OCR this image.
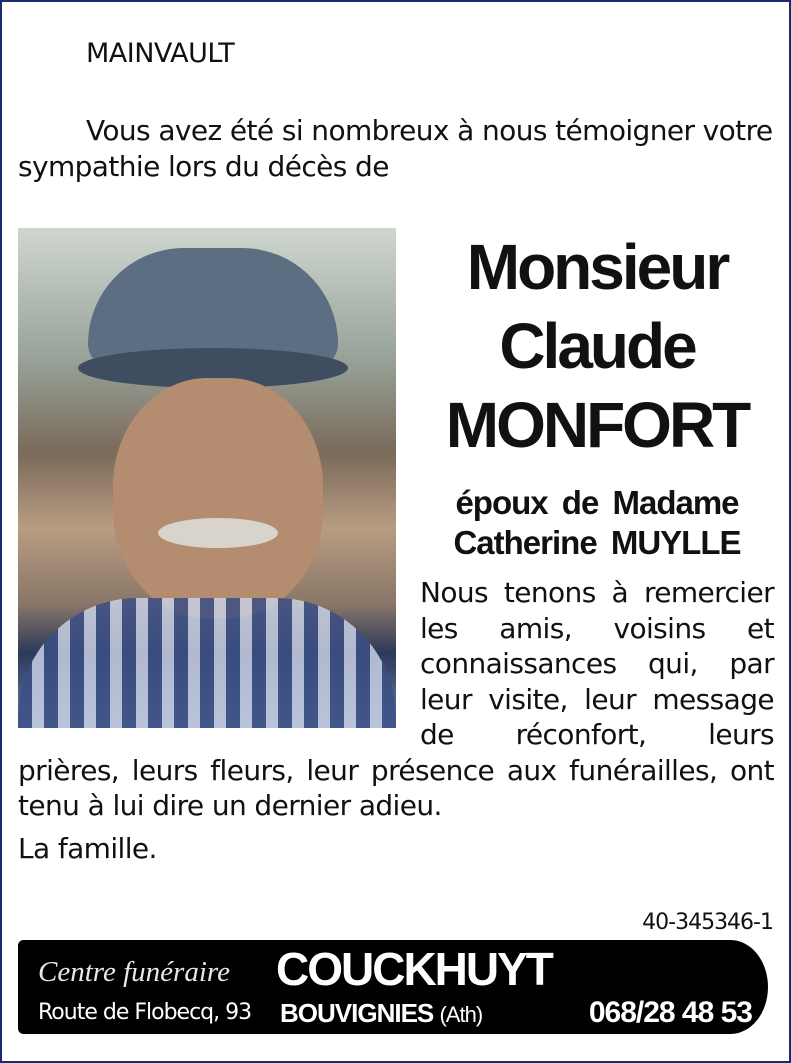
MAINVAULT
Vous avez été si nombreux à nous témoigner votre sympathie lors du décès de
Monsieur
Claude
MONFORT
époux de Madame
Catherine MUYLLE
Nous tenons à remercier les amis, voisins et connaissances qui, par leur visite, leur message de réconfort, leurs prières, leurs fleurs, leur présence aux funérailles, ont tenu à lui dire un dernier adieu.
La famille.
40-345346-1
Centre funéraire COUCKHUYT
Route de Flobecq, 93 BOUVIGNIES (Ath)	068/28 48 53
